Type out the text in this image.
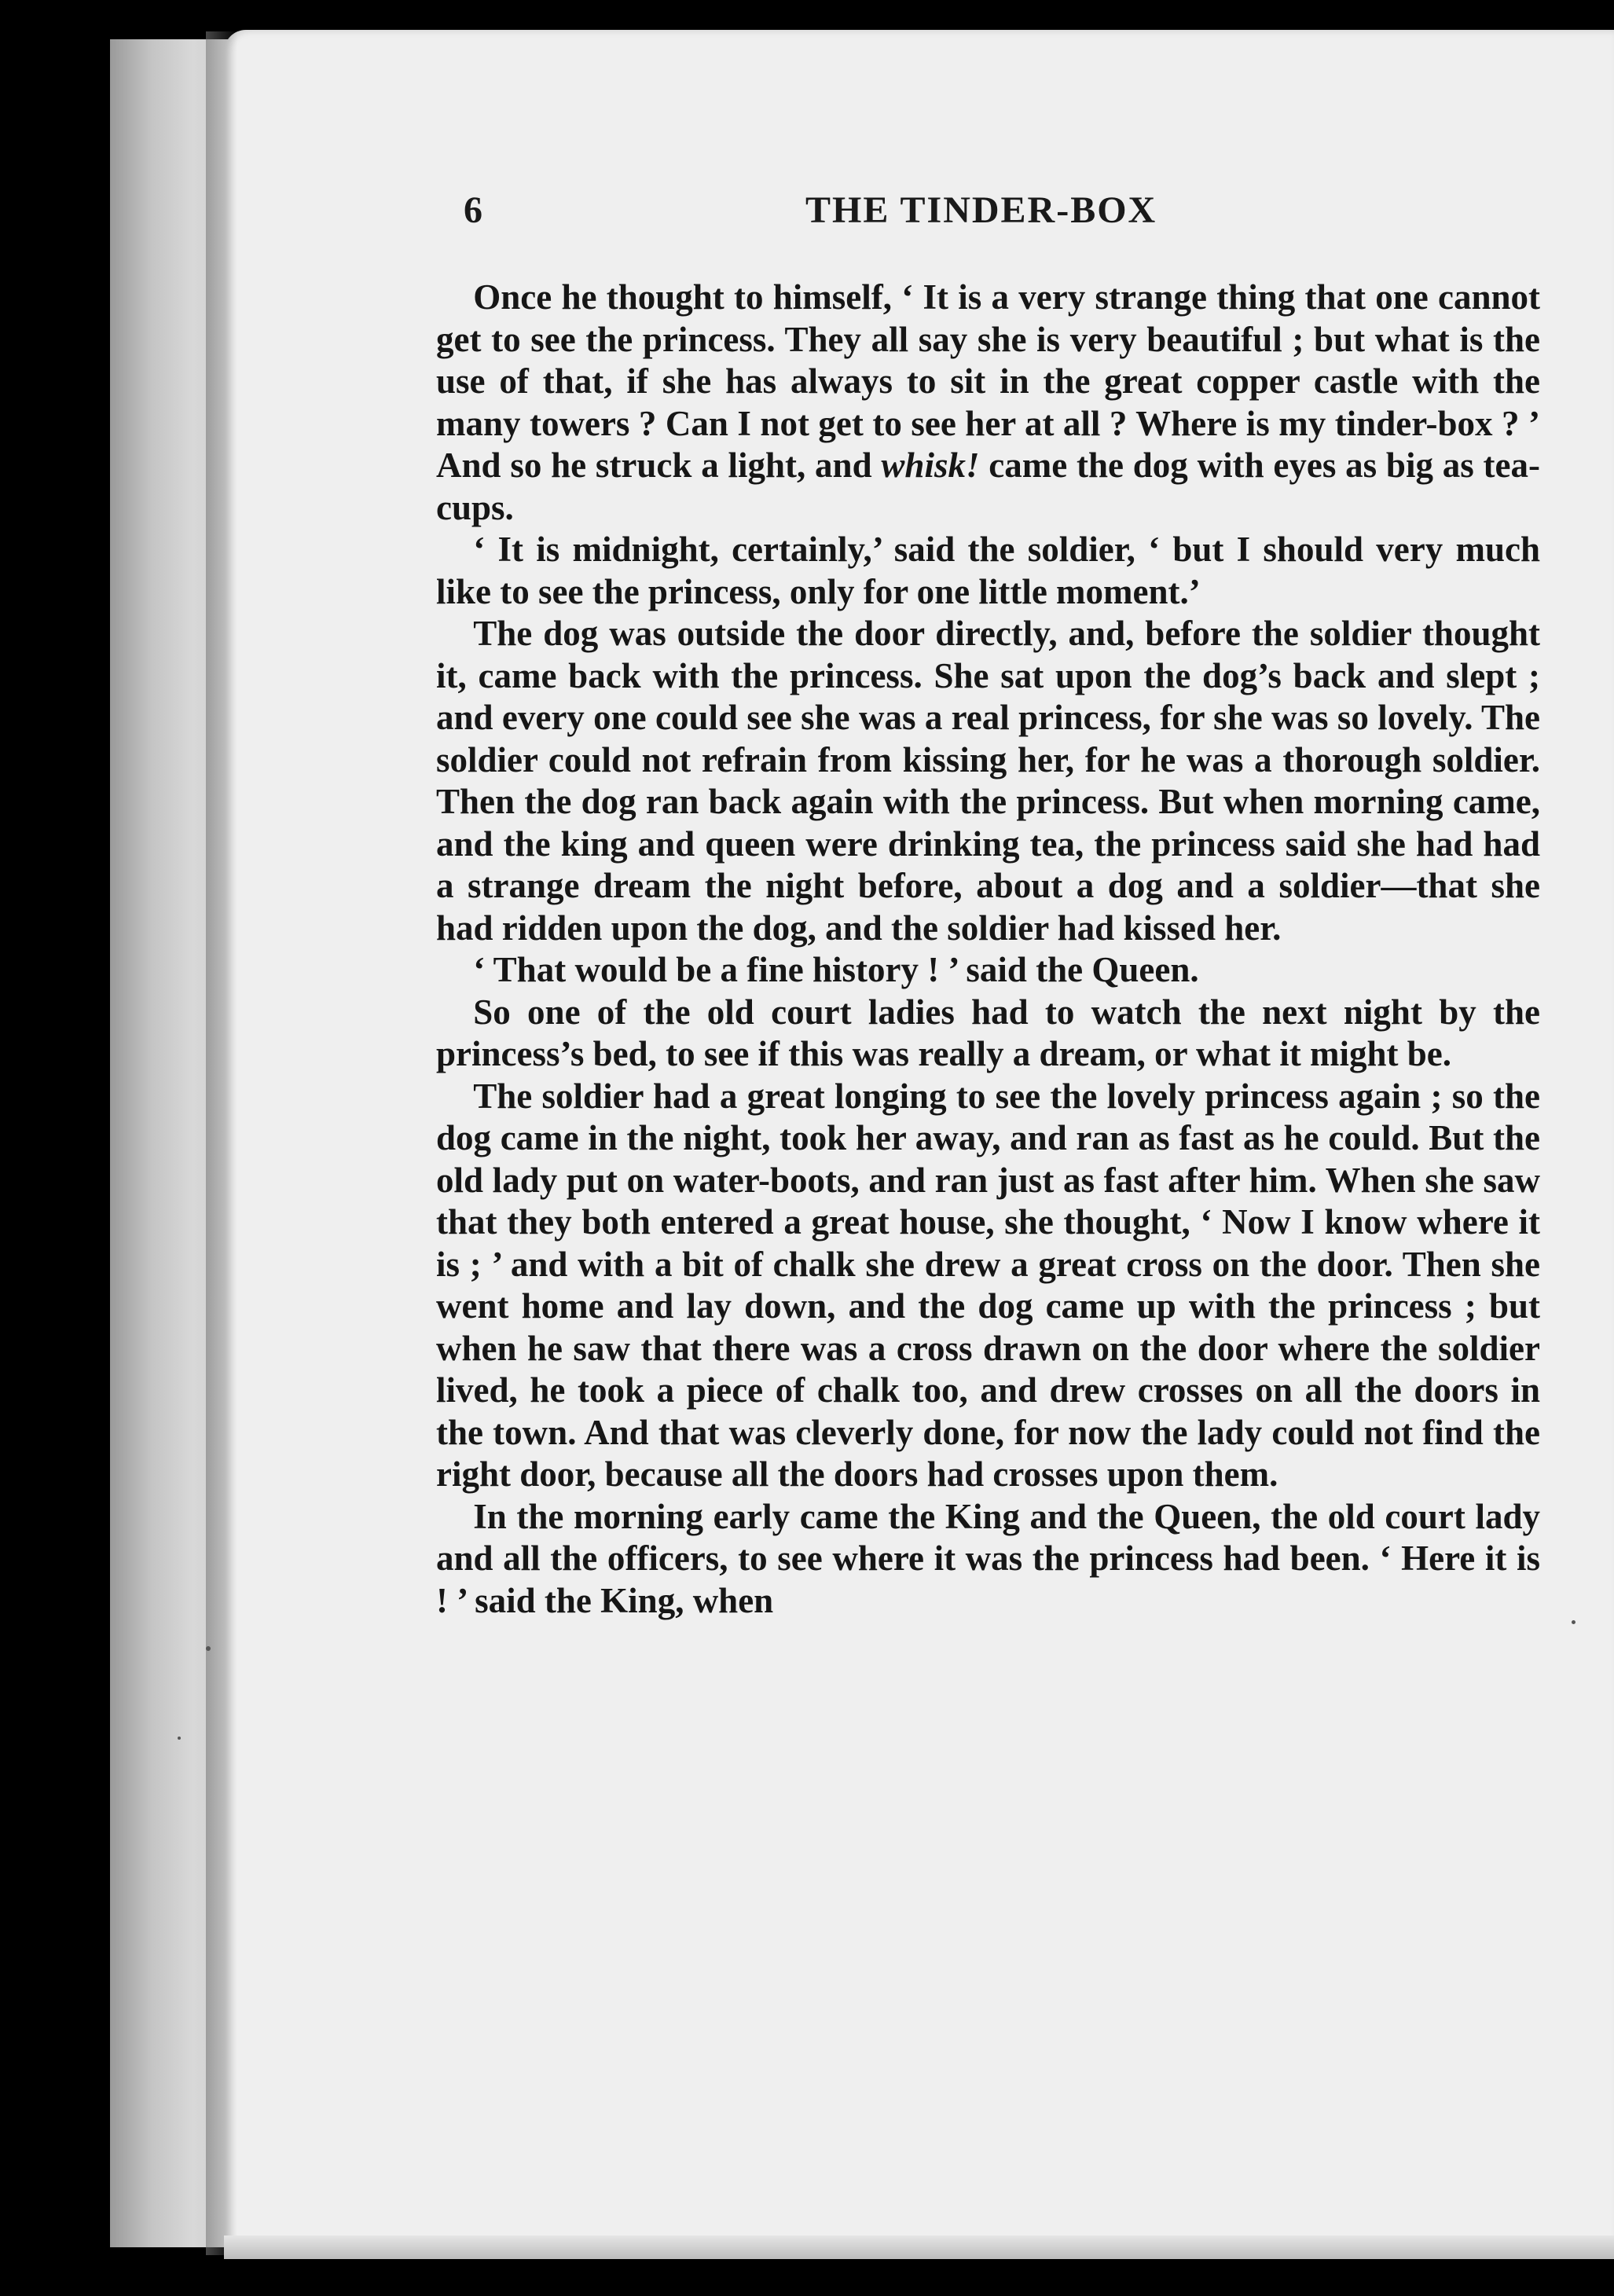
6	THE TINDER-BOX

Once he thought to himself, ‘ It is a very strange thing that one cannot get to see the princess. They all say she is very beautiful ; but what is the use of that, if she has always to sit in the great copper castle with the many towers ? Can I not get to see her at all ? Where is my tinder-box ? ’ And so he struck a light, and whisk! came the dog with eyes as big as tea-cups.

‘ It is midnight, certainly,’ said the soldier, ‘ but I should very much like to see the princess, only for one little moment.’

The dog was outside the door directly, and, before the soldier thought it, came back with the princess. She sat upon the dog’s back and slept ; and every one could see she was a real princess, for she was so lovely. The soldier could not refrain from kissing her, for he was a thorough soldier. Then the dog ran back again with the princess. But when morning came, and the king and queen were drinking tea, the princess said she had had a strange dream the night before, about a dog and a soldier—that she had ridden upon the dog, and the soldier had kissed her.

‘ That would be a fine history ! ’ said the Queen.

So one of the old court ladies had to watch the next night by the princess’s bed, to see if this was really a dream, or what it might be.

The soldier had a great longing to see the lovely princess again ; so the dog came in the night, took her away, and ran as fast as he could. But the old lady put on water-boots, and ran just as fast after him. When she saw that they both entered a great house, she thought, ‘ Now I know where it is ; ’ and with a bit of chalk she drew a great cross on the door. Then she went home and lay down, and the dog came up with the princess ; but when he saw that there was a cross drawn on the door where the soldier lived, he took a piece of chalk too, and drew crosses on all the doors in the town. And that was cleverly done, for now the lady could not find the right door, because all the doors had crosses upon them.

In the morning early came the King and the Queen, the old court lady and all the officers, to see where it was the princess had been. ‘ Here it is ! ’ said the King, when
